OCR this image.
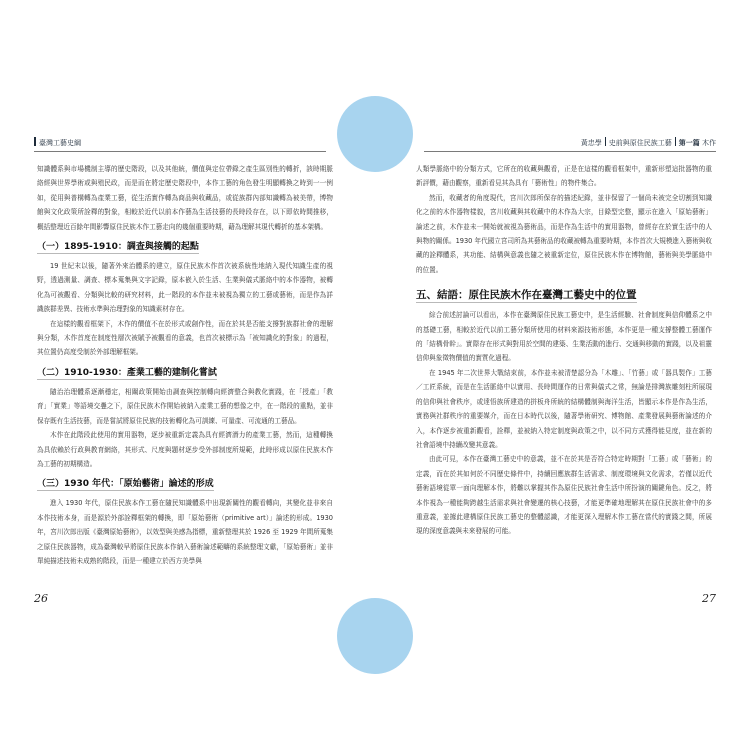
臺灣工藝史綱	黃忠學 史前與原住民族工藝 第一篇 木作

知識體系與市場機制主導的歷史階段，以及其他統，價值與定位帶錄之產生區別性的轉折，該時期脈絡經與世界學術或與殖民政，而是而在將定歷史階段中，本作工藝的角色發生明顯轉換之時到一一例如，從用與普構轉為產業工藝，從生活實作轉為商品與收藏品，或從族群內部知識轉為被美帶，博物館與文化政策所詮釋的對象，相較於近代以前本作藝為生活技藝的長時段存在，以下即依時間推移，概括整理近百餘年間影響原住民族木作工藝走向的幾個重要時期，藉為理解其現代轉折的基本架構。

（一）1895-1910：調查與接觸的起點

19 世紀末以後，隨著外來治體系的建立，原住民族木作首次被系統性地納入現代知識生產的視野，透過測量、調查、標本蒐集與文字記錄，原本嵌入於生活、生業與儀式脈絡中的本作器物，被轉化為可被觀看、分類與比較的研究材料，此一階段的本作並未被視為獨立的工藝或藝術，而是作為詳識族群差異、技術水準與治理對象的知識素材存在。

在這樣的觀看框架下，木作的價值不在於形式或創作性，而在於其是否能支撐對族群社會的理解與分類，木作首度在制度性層次被賦予被觀看的意義，也首次被標示為「被知識化的對象」的過程，其位置仍高度受制於外部理解框架。

（二）1910-1930：產業工藝的建制化嘗試

隨治治理體系逐漸穩定，相關政策開始由調查與控制轉向經濟整合與教化實踐，在「授產」「教育」「實業」等語境交疊之下，原住民族木作開始被納入產業工藝的想像之中，在一階段的重點，並非保存既有生活技藝，而是嘗試將原住民族的技術轉化為可訓練、可量產、可流通的工藝品。

木作在此階段此使用的實用器物，逐步被重新定義為具有經濟潛力的產業工藝，然而，這種轉換為具依賴於行政與教育網絡，其形式、尺度與題材逐步受外部制度所規範，此時形成以原住民族木作為工藝的初期構造。

（三）1930 年代：「原始藝術」論述的形成

進入 1930 年代，原住民族本作工藝在隨民知識體系中出現新關性的觀看轉向，其變化並非來自本作技術本身，而是源於外部詮釋框架的轉換，即「原始藝術（primitive art）」論述的形成。1930 年，宮川次郎出版《臺灣原始藝術》，以效型與美感為指標，重新整理其於 1926 至 1929 年間所蒐集之原住民族器物，成為臺灣較早將原住民族本作納入藝術論述範疇的系統整理文獻，「原始藝術」並非單純描述技術未成熟的階段，而是一種建立於西方美學與

人類學脈絡中的分類方式，它所在的收藏與觀看，正是在這樣的觀看框架中，重新形塑這批器物的重新評價，藉由觀察，重新看見其為具有「藝術性」的物件集合。

然而，收藏者的角度現代，宮川次郎所保存的描述紀錄，並非保留了一個尚未被完全切割到知識化之前的木作器物樣貌，宮川收藏與其收藏中的木作為大宗，目錄型完整，顯示在進入「原始藝術」論述之前，木作並未一開始就被視為藝術品，而是作為生活中的實用器物，曾經存在於實生活中的人與物的關係。1930 年代國立宮司所為其藝術品的收藏被轉為重要時期，本作首次大規模進入藝術與收藏的詮釋體系，其功能、結構與意義也隨之被重新定位，原住民族木作在博物館，藝術與美學脈絡中的位置。

五、結語：原住民族木作在臺灣工藝史中的位置

綜合前述討論可以看出，本作在臺灣原住民族工藝史中，是生活經驗、社會制度與信仰體系之中的基礎工藝，相較於近代以前工藝分類所使用的材料來源技術形態，本作更是一種支撐整體工藝運作的「結構骨幹」。實際存在形式與對用於空間的建築、生業活動的進行、交通與移動的實踐，以及祖靈信仰與象徵物價值的實質化過程。

在 1945 年二次世界大戰結束前，本作並未被清楚認分為「木雕」、「竹藝」或「器具製作」工藝／工匠系統，而是在生活脈絡中以實用、長時間運作的日常與儀式之常，無論是排灣族雕刻柱所展現的信仰與社會秩序，或達悟族所建造的拼板舟所統的結構體制與海洋生活，皆顯示本作是作為生活，實務與社群秩序的重要媒介，而在日本時代以後，隨著學術研究、博物館、產業發展與藝術論述的介入，本作逐步被重新觀看，詮釋，並被納入特定制度與政策之中，以不同方式獲得能見度，並在新的社會語境中持續改變其意義。

由此可見，本作在臺灣工藝史中的意義，並不在於其是否符合特定時期對「工藝」或「藝術」的定義，而在於其如何於不同歷史條件中，持續回應族群生活需求、制度環境與文化需求，若僅以近代藝術語境從單一面向理解本作，將難以掌握其作為原住民族社會生活中所扮演的關鍵角色。反之，將本作視為一種能夠跨越生活需求與社會變遷的核心技藝，才能更準確地理解其在原住民族社會中的多重意義，並據此建構原住民族工藝史的整體認識，才能更深入理解木作工藝在當代的實踐之間，所展現的深度意義與未來發展的可能。

26	27
